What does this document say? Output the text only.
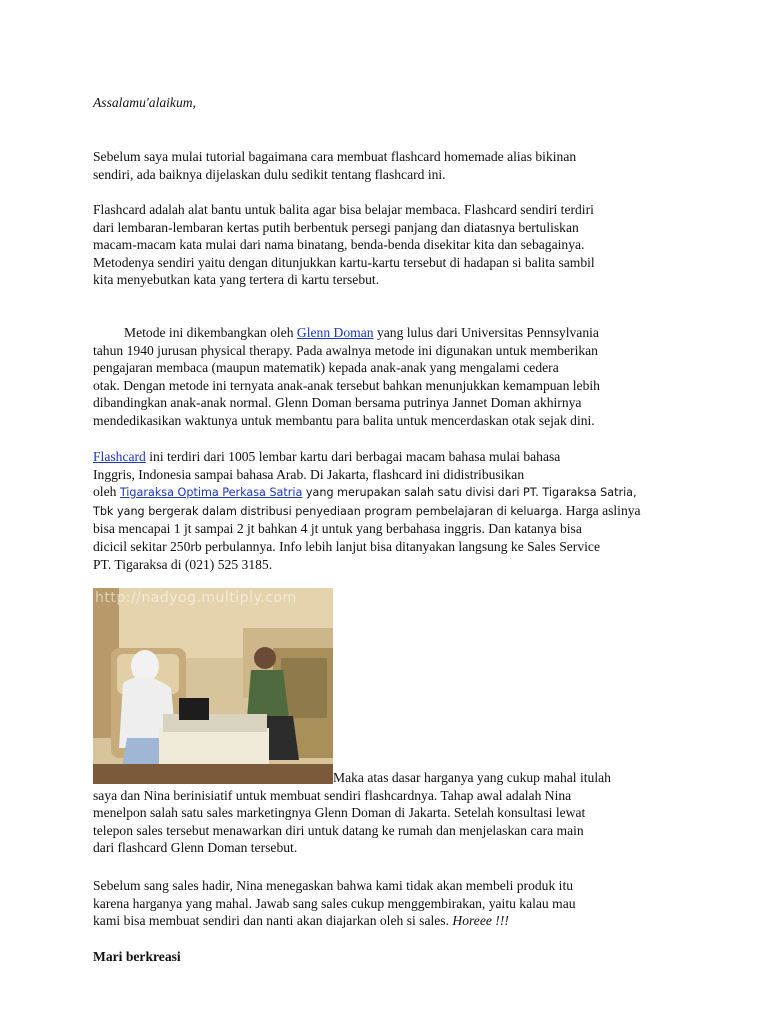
Assalamu'alaikum,
Sebelum saya mulai tutorial bagaimana cara membuat flashcard homemade alias bikinan
sendiri, ada baiknya dijelaskan dulu sedikit tentang flashcard ini.
Flashcard adalah alat bantu untuk balita agar bisa belajar membaca. Flashcard sendiri terdiri
dari lembaran-lembaran kertas putih berbentuk persegi panjang dan diatasnya bertuliskan
macam-macam kata mulai dari nama binatang, benda-benda disekitar kita dan sebagainya.
Metodenya sendiri yaitu dengan ditunjukkan kartu-kartu tersebut di hadapan si balita sambil
kita menyebutkan kata yang tertera di kartu tersebut.
Metode ini dikembangkan oleh Glenn Doman yang lulus dari Universitas Pennsylvania
tahun 1940 jurusan physical therapy. Pada awalnya metode ini digunakan untuk memberikan
pengajaran membaca (maupun matematik) kepada anak-anak yang mengalami cedera
otak. Dengan metode ini ternyata anak-anak tersebut bahkan menunjukkan kemampuan lebih
dibandingkan anak-anak normal. Glenn Doman bersama putrinya Jannet Doman akhirnya
mendedikasikan waktunya untuk membantu para balita untuk mencerdaskan otak sejak dini.
Flashcard ini terdiri dari 1005 lembar kartu dari berbagai macam bahasa mulai bahasa
Inggris, Indonesia sampai bahasa Arab. Di Jakarta, flashcard ini didistribusikan
oleh Tigaraksa Optima Perkasa Satria yang merupakan salah satu divisi dari PT. Tigaraksa Satria,
Tbk yang bergerak dalam distribusi penyediaan program pembelajaran di keluarga. Harga aslinya
bisa mencapai 1 jt sampai 2 jt bahkan 4 jt untuk yang berbahasa inggris. Dan katanya bisa
dicicil sekitar 250rb perbulannya. Info lebih lanjut bisa ditanyakan langsung ke Sales Service
PT. Tigaraksa di (021) 525 3185.
http://nadyog.multiply.com
Maka atas dasar harganya yang cukup mahal itulah
saya dan Nina berinisiatif untuk membuat sendiri flashcardnya. Tahap awal adalah Nina
menelpon salah satu sales marketingnya Glenn Doman di Jakarta. Setelah konsultasi lewat
telepon sales tersebut menawarkan diri untuk datang ke rumah dan menjelaskan cara main
dari flashcard Glenn Doman tersebut.
Sebelum sang sales hadir, Nina menegaskan bahwa kami tidak akan membeli produk itu
karena harganya yang mahal. Jawab sang sales cukup menggembirakan, yaitu kalau mau
kami bisa membuat sendiri dan nanti akan diajarkan oleh si sales. Horeee !!!
Mari berkreasi
